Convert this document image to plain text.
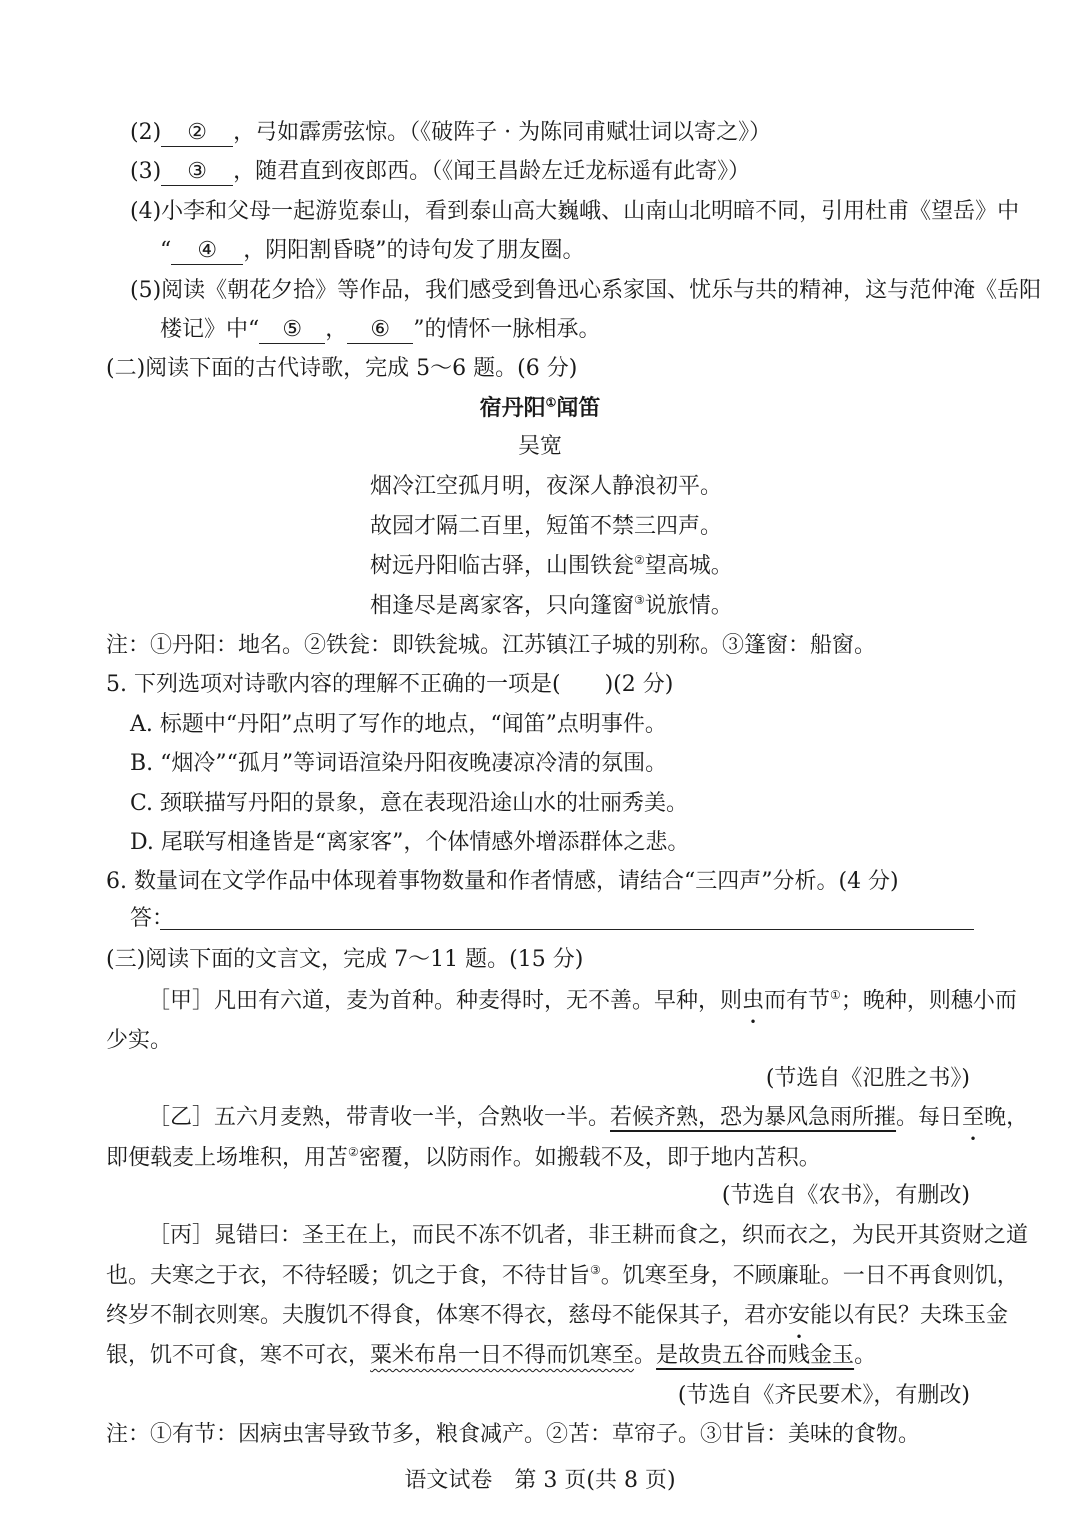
(2) ② ，弓如霹雳弦惊。（《破阵子 · 为陈同甫赋壮词以寄之》）
(3) ③ ，随君直到夜郎西。（《闻王昌龄左迁龙标遥有此寄》）
(4)小李和父母一起游览泰山，看到泰山高大巍峨、山南山北明暗不同，引用杜甫《望岳》中
“ ④ ，阴阳割昏晓”的诗句发了朋友圈。
(5)阅读《朝花夕拾》等作品，我们感受到鲁迅心系家国、忧乐与共的精神，这与范仲淹《岳阳
楼记》中“ ⑤ ， ⑥ ”的情怀一脉相承。
(二)阅读下面的古代诗歌，完成 5～6 题。(6 分)
宿丹阳①闻笛
吴宽
烟冷江空孤月明，夜深人静浪初平。
故园才隔二百里，短笛不禁三四声。
树远丹阳临古驿，山围铁瓮②望高城。
相逢尽是离家客，只向篷窗③说旅情。
注：①丹阳：地名。②铁瓮：即铁瓮城。江苏镇江子城的别称。③篷窗：船窗。
5. 下列选项对诗歌内容的理解不正确的一项是(　　)(2 分)
A. 标题中“丹阳”点明了写作的地点，“闻笛”点明事件。
B. “烟冷”“孤月”等词语渲染丹阳夜晚凄凉冷清的氛围。
C. 颈联描写丹阳的景象，意在表现沿途山水的壮丽秀美。
D. 尾联写相逢皆是“离家客”，个体情感外增添群体之悲。
6. 数量词在文学作品中体现着事物数量和作者情感，请结合“三四声”分析。(4 分)
答：
(三)阅读下面的文言文，完成 7～11 题。(15 分)
［甲］凡田有六道，麦为首种。种麦得时，无不善。早种，则虫而有节①；晚种，则穗小而
少实。
(节选自《氾胜之书》)
［乙］五六月麦熟，带青收一半，合熟收一半。若候齐熟，恐为暴风急雨所摧。每日至晚，
即便载麦上场堆积，用苫②密覆，以防雨作。如搬载不及，即于地内苫积。
(节选自《农书》，有删改)
［丙］晁错曰：圣王在上，而民不冻不饥者，非王耕而食之，织而衣之，为民开其资财之道
也。夫寒之于衣，不待轻暖；饥之于食，不待甘旨③。饥寒至身，不顾廉耻。一日不再食则饥，
终岁不制衣则寒。夫腹饥不得食，体寒不得衣，慈母不能保其子，君亦安能以有民？夫珠玉金
银，饥不可食，寒不可衣，粟米布帛一日不得而饥寒至。是故贵五谷而贱金玉。
(节选自《齐民要术》，有删改)
注：①有节：因病虫害导致节多，粮食减产。②苫：草帘子。③甘旨：美味的食物。
语文试卷　第 3 页(共 8 页)
